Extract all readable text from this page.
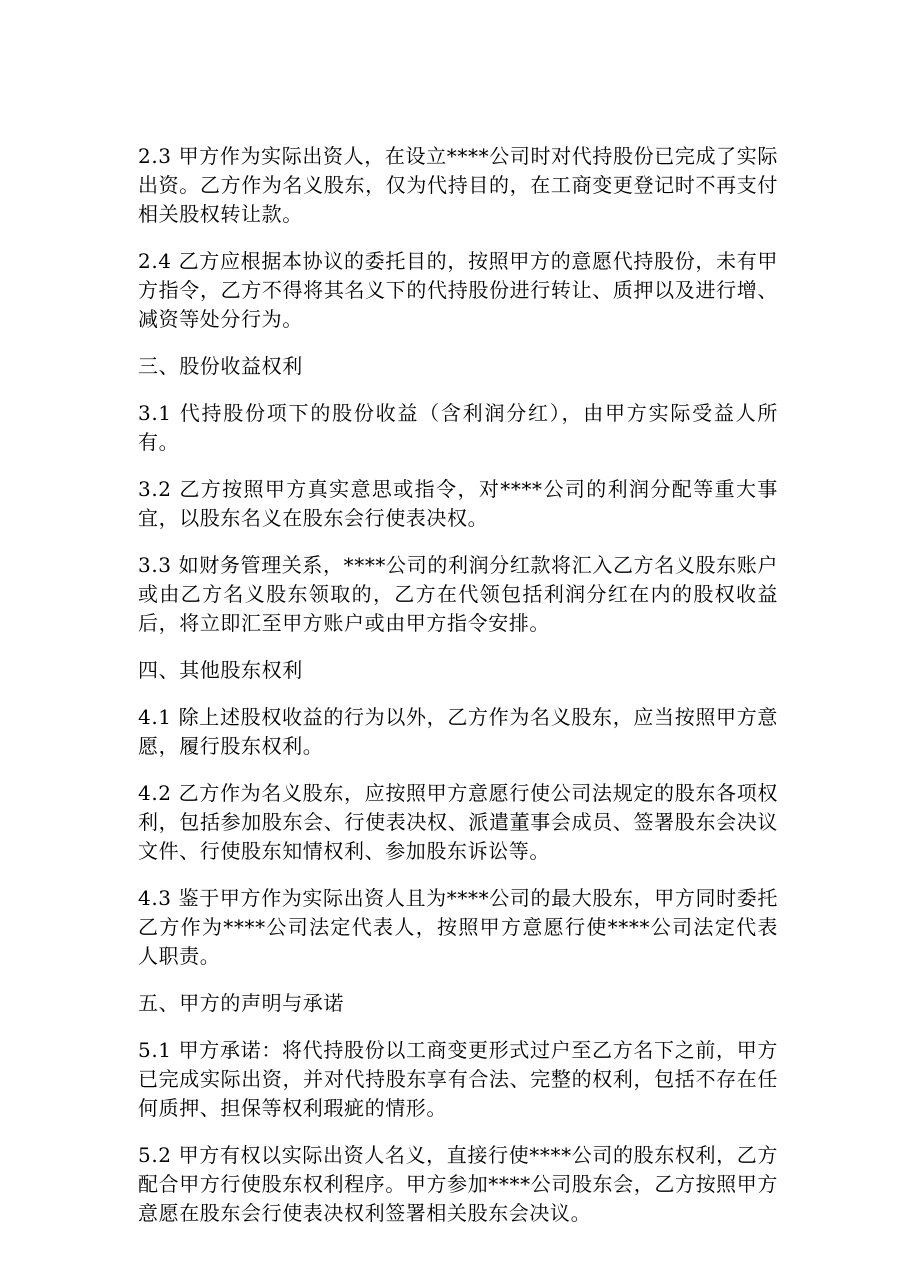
2.3 甲方作为实际出资人，在设立****公司时对代持股份已完成了实际出资。乙方作为名义股东，仅为代持目的，在工商变更登记时不再支付相关股权转让款。

2.4 乙方应根据本协议的委托目的，按照甲方的意愿代持股份，未有甲方指令，乙方不得将其名义下的代持股份进行转让、质押以及进行增、减资等处分行为。

三、股份收益权利

3.1 代持股份项下的股份收益（含利润分红），由甲方实际受益人所有。

3.2 乙方按照甲方真实意思或指令，对****公司的利润分配等重大事宜，以股东名义在股东会行使表决权。

3.3 如财务管理关系，****公司的利润分红款将汇入乙方名义股东账户或由乙方名义股东领取的，乙方在代领包括利润分红在内的股权收益后，将立即汇至甲方账户或由甲方指令安排。

四、其他股东权利

4.1 除上述股权收益的行为以外，乙方作为名义股东，应当按照甲方意愿，履行股东权利。

4.2 乙方作为名义股东，应按照甲方意愿行使公司法规定的股东各项权利，包括参加股东会、行使表决权、派遣董事会成员、签署股东会决议文件、行使股东知情权利、参加股东诉讼等。

4.3 鉴于甲方作为实际出资人且为****公司的最大股东，甲方同时委托乙方作为****公司法定代表人，按照甲方意愿行使****公司法定代表人职责。

五、甲方的声明与承诺

5.1 甲方承诺：将代持股份以工商变更形式过户至乙方名下之前，甲方已完成实际出资，并对代持股东享有合法、完整的权利，包括不存在任何质押、担保等权利瑕疵的情形。

5.2 甲方有权以实际出资人名义，直接行使****公司的股东权利，乙方配合甲方行使股东权利程序。甲方参加****公司股东会，乙方按照甲方意愿在股东会行使表决权利签署相关股东会决议。
